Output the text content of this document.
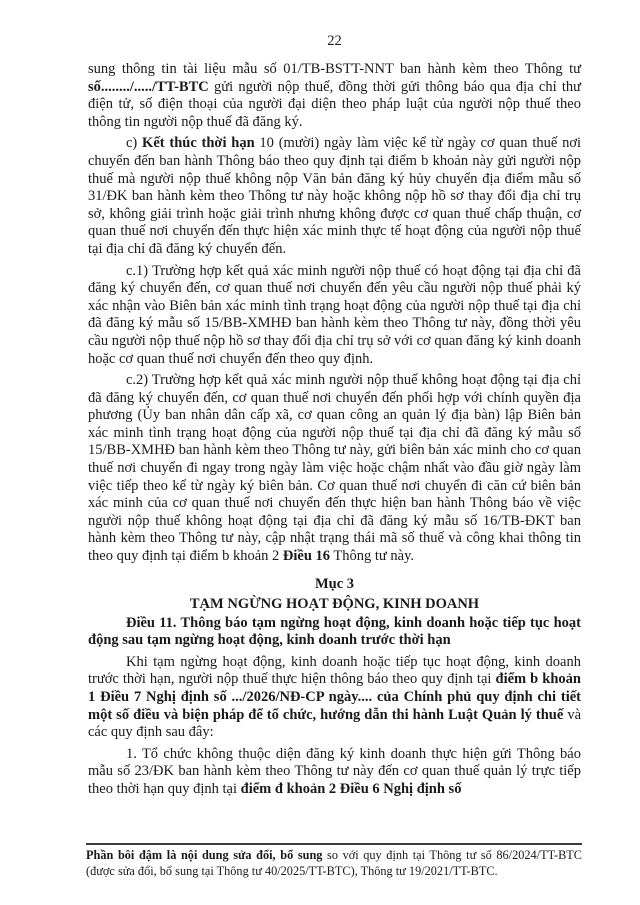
22

sung thông tin tài liệu mẫu số 01/TB-BSTT-NNT ban hành kèm theo Thông tư số......../...../TT-BTC gửi người nộp thuế, đồng thời gửi thông báo qua địa chỉ thư điện tử, số điện thoại của người đại diện theo pháp luật của người nộp thuế theo thông tin người nộp thuế đã đăng ký.

c) Kết thúc thời hạn 10 (mười) ngày làm việc kể từ ngày cơ quan thuế nơi chuyển đến ban hành Thông báo theo quy định tại điểm b khoản này gửi người nộp thuế mà người nộp thuế không nộp Văn bản đăng ký hủy chuyển địa điểm mẫu số 31/ĐK ban hành kèm theo Thông tư này hoặc không nộp hồ sơ thay đổi địa chỉ trụ sở, không giải trình hoặc giải trình nhưng không được cơ quan thuế chấp thuận, cơ quan thuế nơi chuyển đến thực hiện xác minh thực tế hoạt động của người nộp thuế tại địa chỉ đã đăng ký chuyển đến.

c.1) Trường hợp kết quả xác minh người nộp thuế có hoạt động tại địa chỉ đã đăng ký chuyển đến, cơ quan thuế nơi chuyển đến yêu cầu người nộp thuế phải ký xác nhận vào Biên bản xác minh tình trạng hoạt động của người nộp thuế tại địa chỉ đã đăng ký mẫu số 15/BB-XMHĐ ban hành kèm theo Thông tư này, đồng thời yêu cầu người nộp thuế nộp hồ sơ thay đổi địa chỉ trụ sở với cơ quan đăng ký kinh doanh hoặc cơ quan thuế nơi chuyển đến theo quy định.

c.2) Trường hợp kết quả xác minh người nộp thuế không hoạt động tại địa chỉ đã đăng ký chuyển đến, cơ quan thuế nơi chuyển đến phối hợp với chính quyền địa phương (Ủy ban nhân dân cấp xã, cơ quan công an quản lý địa bàn) lập Biên bản xác minh tình trạng hoạt động của người nộp thuế tại địa chỉ đã đăng ký mẫu số 15/BB-XMHĐ ban hành kèm theo Thông tư này, gửi biên bản xác minh cho cơ quan thuế nơi chuyển đi ngay trong ngày làm việc hoặc chậm nhất vào đầu giờ ngày làm việc tiếp theo kể từ ngày ký biên bản. Cơ quan thuế nơi chuyển đi căn cứ biên bản xác minh của cơ quan thuế nơi chuyển đến thực hiện ban hành Thông báo về việc người nộp thuế không hoạt động tại địa chỉ đã đăng ký mẫu số 16/TB-ĐKT ban hành kèm theo Thông tư này, cập nhật trạng thái mã số thuế và công khai thông tin theo quy định tại điểm b khoản 2 Điều 16 Thông tư này.

Mục 3

TẠM NGỪNG HOẠT ĐỘNG, KINH DOANH

Điều 11. Thông báo tạm ngừng hoạt động, kinh doanh hoặc tiếp tục hoạt động sau tạm ngừng hoạt động, kinh doanh trước thời hạn

Khi tạm ngừng hoạt động, kinh doanh hoặc tiếp tục hoạt động, kinh doanh trước thời hạn, người nộp thuế thực hiện thông báo theo quy định tại điểm b khoản 1 Điều 7 Nghị định số .../2026/NĐ-CP ngày.... của Chính phủ quy định chi tiết một số điều và biện pháp để tổ chức, hướng dẫn thi hành Luật Quản lý thuế và các quy định sau đây:

1. Tổ chức không thuộc diện đăng ký kinh doanh thực hiện gửi Thông báo mẫu số 23/ĐK ban hành kèm theo Thông tư này đến cơ quan thuế quản lý trực tiếp theo thời hạn quy định tại điểm đ khoản 2 Điều 6 Nghị định số

Phần bôi đậm là nội dung sửa đổi, bổ sung so với quy định tại Thông tư số 86/2024/TT-BTC (được sửa đổi, bổ sung tại Thông tư 40/2025/TT-BTC), Thông tư 19/2021/TT-BTC.
